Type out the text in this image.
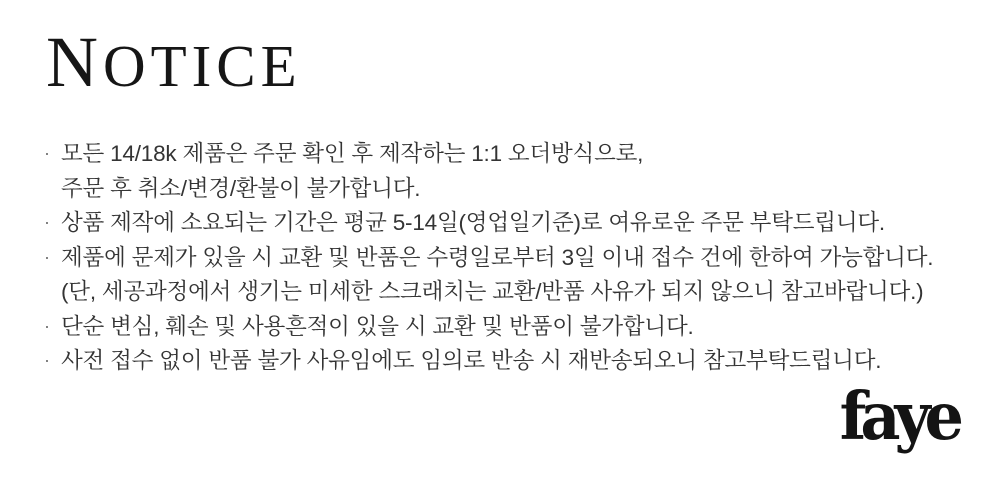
NOTICE
· 모든 14/18k 제품은 주문 확인 후 제작하는 1:1 오더방식으로,
주문 후 취소/변경/환불이 불가합니다.
· 상품 제작에 소요되는 기간은 평균 5-14일(영업일기준)로 여유로운 주문 부탁드립니다.
· 제품에 문제가 있을 시 교환 및 반품은 수령일로부터 3일 이내 접수 건에 한하여 가능합니다.
(단, 세공과정에서 생기는 미세한 스크래치는 교환/반품 사유가 되지 않으니 참고바랍니다.)
· 단순 변심, 훼손 및 사용흔적이 있을 시 교환 및 반품이 불가합니다.
· 사전 접수 없이 반품 불가 사유임에도 임의로 반송 시 재반송되오니 참고부탁드립니다.
faye
